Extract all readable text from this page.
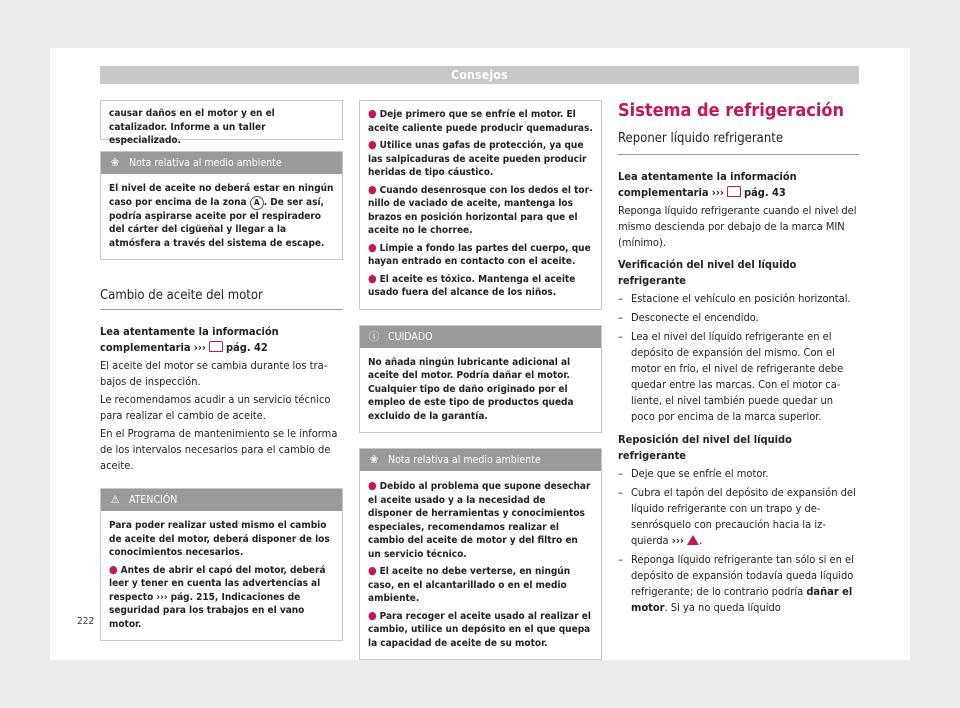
Consejos
causar daños en el motor y en el catalizador. Informe a un taller especializado.
❀ Nota relativa al medio ambiente
El nivel de aceite no deberá estar en ningún caso por encima de la zona A . De ser así, podría aspirarse aceite por el respiradero del cárter del cigüeñal y llegar a la atmósfera a través del sistema de escape.
Cambio de aceite del motor

Lea atentamente la información complementaria ››› pág. 42

El aceite del motor se cambia durante los trabajos de inspección.

Le recomendamos acudir a un servicio técnico para realizar el cambio de aceite.

En el Programa de mantenimiento se le informa de los intervalos necesarios para el cambio de aceite.

⚠ ATENCIÓN
Para poder realizar usted mismo el cambio de aceite del motor, deberá disponer de los conocimientos necesarios.
● Antes de abrir el capó del motor, deberá leer y tener en cuenta las advertencias al respecto ››› pág. 215, Indicaciones de seguridad para los trabajos en el vano motor.
● Deje primero que se enfríe el motor. El aceite caliente puede producir quemaduras.
● Utilice unas gafas de protección, ya que las salpicaduras de aceite pueden producir heridas de tipo cáustico.
● Cuando desenrosque con los dedos el tornillo de vaciado de aceite, mantenga los brazos en posición horizontal para que el aceite no le chorree.
● Limpie a fondo las partes del cuerpo, que hayan entrado en contacto con el aceite.
● El aceite es tóxico. Mantenga el aceite usado fuera del alcance de los niños.
ⓘ CUIDADO
No añada ningún lubricante adicional al aceite del motor. Podría dañar el motor. Cualquier tipo de daño originado por el empleo de este tipo de productos queda excluido de la garantía.
❀ Nota relativa al medio ambiente
● Debido al problema que supone desechar el aceite usado y a la necesidad de disponer de herramientas y conocimientos especiales, recomendamos realizar el cambio del aceite de motor y del filtro en un servicio técnico.
● El aceite no debe verterse, en ningún caso, en el alcantarillado o en el medio ambiente.
● Para recoger el aceite usado al realizar el cambio, utilice un depósito en el que quepa la capacidad de aceite de su motor.
Sistema de refrigeración
Reponer líquido refrigerante

Lea atentamente la información complementaria ››› pág. 43

Reponga líquido refrigerante cuando el nivel del mismo descienda por debajo de la marca MIN (mínimo).

Verificación del nivel del líquido refrigerante

– Estacione el vehículo en posición horizontal.
– Desconecte el encendido.
– Lea el nivel del líquido refrigerante en el depósito de expansión del mismo. Con el motor en frío, el nivel de refrigerante debe quedar entre las marcas. Con el motor caliente, el nivel también puede quedar un poco por encima de la marca superior.

Reposición del nivel del líquido refrigerante

– Deje que se enfríe el motor.
– Cubra el tapón del depósito de expansión del líquido refrigerante con un trapo y desenrósquelo con precaución hacia la izquierda ››› .
– Reponga líquido refrigerante tan sólo si en el depósito de expansión todavía queda líquido refrigerante; de lo contrario podría dañar el motor. Si ya no queda líquido
222
